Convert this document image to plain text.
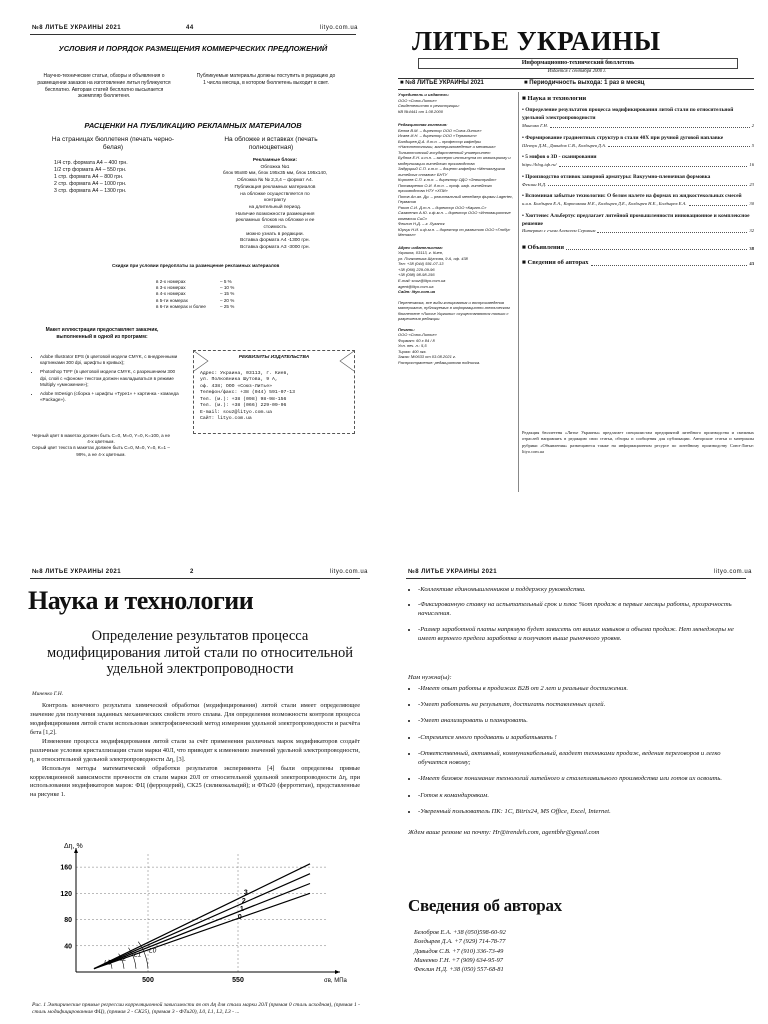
№8 ЛИТЬЕ УКРАИНЫ 2021	44	lityo.com.ua
УСЛОВИЯ И ПОРЯДОК РАЗМЕЩЕНИЯ КОММЕРЧЕСКИХ ПРЕДЛОЖЕНИЙ
Научно-технические статьи, обзоры и объявления о размещении заказов на изготовление литья публикуются бесплатно. Авторам статей бесплатно высылается экземпляр бюллетеня.
Публикуемые материалы должны поступить в редакцию до 1 числа месяца, в котором бюллетень выходит в свет.
РАСЦЕНКИ НА ПУБЛИКАЦИЮ РЕКЛАМНЫХ МАТЕРИАЛОВ
На страницах бюллетеня (печать черно-белая)
На обложке и вставках (печать полноцветная)
1/4 стр. формата А4 – 400 грн.
1/2 стр формата А4 – 550 грн.
1 стр. формата А4 – 800 грн.
2 стр. формата А4 – 1000 грн.
3 стр. формата А4 – 1300 грн.
Рекламные блоки:
Обложка №1
блок 95х80 мм, блок 195х35 мм, блок 195х140,
Обложка № № 2,3,4 – формат А4.
Публикация рекламных материалов
на обложке осуществляется по
контракту
на длительный период.
Наличие возможности размещения
рекламных блоков на обложке и ее
стоимость
можно узнать в редакции.
Вставка формата А4 -1300 грн.
Вставка формата А3 -3000 грн.
Скидки при условии предоплаты за размещение рекламных материалов
в 2-х номерах	– 5 %
в 3-х номерах	– 10 %
в 4-х номерах	– 15 %
в 5-ти номерах	– 20 %
в 6-ти номерах и более	– 25 %
Макет иллюстрации предоставляет заказчик, выполненный в одной из программ:
• Adobe Illustrator EPS (в цветовой модели CMYK, с внедренными картинками 300 dpi, шрифты в кривых);
• Photoshop TIFF (в цветовой модели CMYK, с разрешением 300 dpi, слой с «фоном» текстом должен накладываться в режиме Multiply «умножение»);
• Adobe InDesign (сборка + шрифты «Type1» + картинка - команда «Package»).
Черный цвет в макетах должен быть C=0, M=0, Y=0, K=100, а не 4-х цветным.
Серый цвет текста в макетах должен быть C=0, M=0, Y=0, K=1 – 99%, а не 4-х цветным.
РЕКВИЗИТЫ ИЗДАТЕЛЬСТВА
Адрес: Украина, 03113, г. Киев,
ул. Полковника Шутова, 9 А,
оф. 438; ООО «Союз-Литье»
Телефон/факс: +38 (044) 591-07-13
Тел. (м.): +38 (098) 98-98-156
Тел. (м.): +38 (066) 229-09-96
E-mail: souz@lityo.com.ua
Сайт: lityo.com.ua
ЛИТЬЕ УКРАИНЫ
Информационно-технический бюллетень
Издается с сентября 2000 г.
■ №8 ЛИТЬЕ УКРАИНЫ 2021	■ Периодичность выхода: 1 раз в месяц
Учредитель и издатель:
ООО «Союз-Литье»
Свидетельство о регистрации:
КВ №4441 от 1.08.2000
Редакционная коллегия:
Белов В.М. – директор ООО «Союз-Литье»
Исаев И.Н. – директор ООО «Термолит»
Болдырев Д.А. д.т.н. – профессор кафедры «Нанотехнологии, материаловедение и механика» Тольяттинский государственный университет
Бубнов Е.Н. к.т.н. – эксперт института по инжинирингу и модернизации литейного производства
Задруцкий С.П. к.т.н. – доцент кафедры «Металлургия литейных сплавов» БНТУ
Королев С.П. к.т.н. – директор ОДО «Энвиспрайт»
Пономаренко О.И. д.т.н. – проф. каф. литейного производства НТУ «ХПИ»
Попов Ан.ал. Др. – региональный менеджер фирмы Lagertec, Германия
Рязин С.И. Д.т.н. – директор ООО «Карат-С»
Сазаненко А.Ю. к.ф-м.н. – директор ООО «Инновационные компании СиС»
Феклин Н.Д. – г. Луганск
Юрчук Н.И. к.ф-м.н. – директор по развитию ООО «Глобус Металл»
Адрес издательства:
Украина, 03113, г. Киев,
ул. Полковника Шутова, 9 А, оф. 438
Тел: +38 (044) 591-07-13
+38 (066) 229-09-96
+38 (098) 98-98-156
E-mail: souz@lityo.com.ua
agent@lityo.com.ua
Сайт: lityo.com.ua
Перепечатка, все виды копирования и воспроизведения материалов, публикуемых в информационно-техническом бюллетене «Литье Украины» осуществляются только с разрешения редакции.
Печать:
ООО «Союз-Литье»
Формат: 60 х 84 / 8
Усл. печ. л.: 5,5
Тираж: 400 экз.
Заказ: №0633 от 03.08.2021 г.
Распространение: редакционная подписка.
■ Наука и технологии
• Определение результатов процесса модификирования литой стали по относительной удельной электропроводности
Миненко Г.Н.	2
• Формирование градиентных структур в стали 40Х при ручной дуговой наплавке
Шевчук Д.М., Давыдов С.В., Болдырев Д.А.	5
• 5 мифов о 3D - сканировании
https://blog.iqb.ru/	16
• Производство отливок запорной арматуры: Вакуумно-пленочная формовка
Феклин Н.Д.	23
• Вспоминая забытые технологии: О белом налете на формах из жидкостекольных смесей
и.н.п. Болдырев Е.А., Карпенкова Н.Е., Болдырев Д.Е., Болдырев Н.Е., Болдырев Е.А.	30
• Хюттенес Альбертус предлагает литейной промышленности инновационное и комплексное решение
Интервью с г-ном Алексеем Серовым	32
■ Объявления	38
■ Сведения об авторах	43
Редакция бюллетеня «Литье Украины» предлагает специалистам предприятий литейного производства и смежных отраслей направлять в редакцию свои статьи, обзоры и сообщения для публикации. Авторские статьи и материалы рубрики «Объявления» размещаются также на информационном ресурсе по литейному производству Союз-Литье: lityo.com.ua
№8 ЛИТЬЕ УКРАИНЫ 2021	2	lityo.com.ua
Наука и технологии
Определение результатов процесса модифицирования литой стали по относительной удельной электропроводности
Миненко Г.Н.
Контроль конечного результата химической обработки (модифицирования) литой стали имеет определяющее значение для получения заданных механических свойств этого сплава. Для определения возможности контроля процесса модифицирования литой стали использован электрофизический метод измерения удельной электропроводности и расчёта бета [1,2].
Изменение процесса модифицирования литой стали за счёт применения различных марок модификаторов создаёт различные условия кристаллизации стали марки 40Л, что приводит к изменению значений удельной электропроводности, η, и относительной удельной электропроводности Δη, [3].
Используя методы математической обработки результатов эксперимента [4] были определены прямые корреляционной зависимости прочности σв стали марки 20Л от относительной удельной электропроводности Δη, при использовании модификаторов марок: ФЦ (ферроцерий), СК25 (силикокальций); и ФТи20 (ферротитан), представленные на рисунке 1.
160
120
80
40
500	550
Δη, %
σв, МПа
0
1
2
3
L3
L2
L1
L0
Рис. 1 Эмпирические прямые регрессии корреляционной зависимости σв от Δη для стали марки 20Л (прямая 0 сталь исходная), (прямая 1 - сталь модифицированная ФЦ), (прямая 2 - СК25), (прямая 3 - ФТи20), L0, L1, L2, L3 - ...
№8 ЛИТЬЕ УКРАИНЫ 2021	lityo.com.ua
• -Коллективе единомышленников и поддержку руководства.
• -Фиксированную ставку на испытательный срок и плюс %от продаж в первые месяцы работы, прозрачность начисления.
• -Размер заработной платы напрямую будет зависеть от ваших навыков и объема продаж. Нет менеджеры не имеет верхнего предела заработка и получают выше рыночного уровня.
Нам нужна(ы):
• -Имеет опыт работы в продажах В2В от 2 лет и реальные достижения.
• -Умеет работать на результат, достигать поставленных целей.
• -Умеет анализировать и планировать.
• -Стремится много продавать и зарабатывать !
• -Ответственный, активный, коммуникабельный, владеет техниками продаж, ведения переговоров и легко обучается новому;
• -Имеет базовое понимание технологий литейного и сталеплавильного производства или готов их освоить.
• -Готов к командировкам.
• -Уверенный пользователь ПК: 1С, Bitrix24, MS Office, Excel, Internet.
Ждем ваше резюме на почту: Hr@trendeh.com, agentbhr@gmail.com
Сведения об авторах
Белобров Е.А. +38 (050)598-60-92
Болдырев Д.А. +7 (929) 714-78-77
Давыдов С.В. +7 (910) 336-73-49
Миненко Г.Н. +7 (909) 634-95-97
Феклин Н.Д. +38 (050) 557-68-81
